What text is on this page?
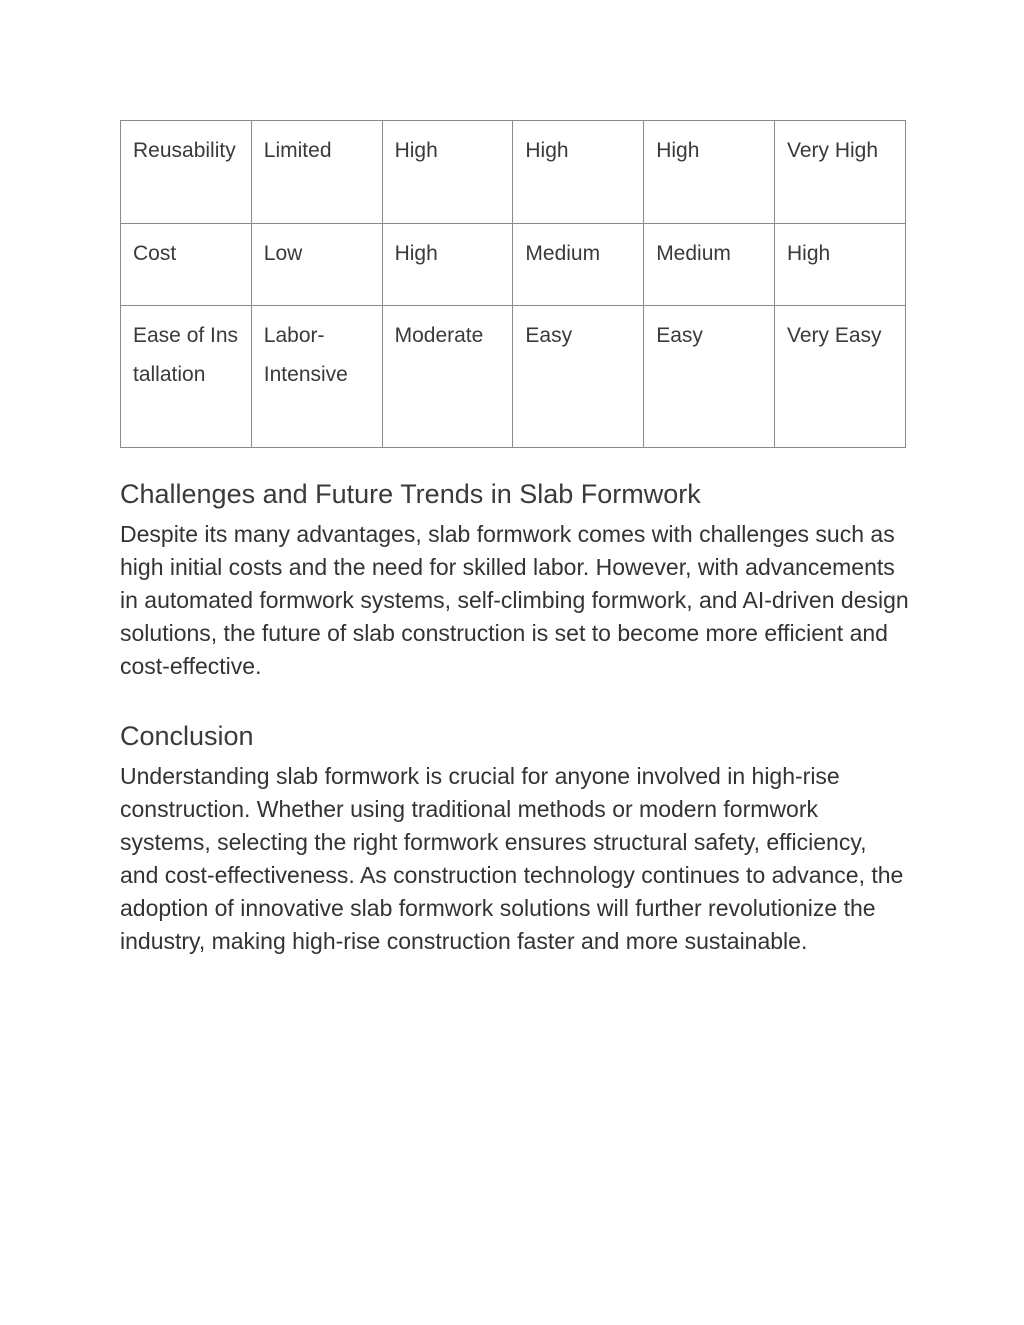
Reusability	Limited	High	High	High	Very High
Cost	Low	High	Medium	Medium	High
Ease of Installation	Labor-Intensive	Moderate	Easy	Easy	Very Easy
Challenges and Future Trends in Slab Formwork

Despite its many advantages, slab formwork comes with challenges such as high initial costs and the need for skilled labor. However, with advancements in automated formwork systems, self-climbing formwork, and AI-driven design solutions, the future of slab construction is set to become more efficient and cost-effective.

Conclusion

Understanding slab formwork is crucial for anyone involved in high-rise construction. Whether using traditional methods or modern formwork systems, selecting the right formwork ensures structural safety, efficiency, and cost-effectiveness. As construction technology continues to advance, the adoption of innovative slab formwork solutions will further revolutionize the industry, making high-rise construction faster and more sustainable.
